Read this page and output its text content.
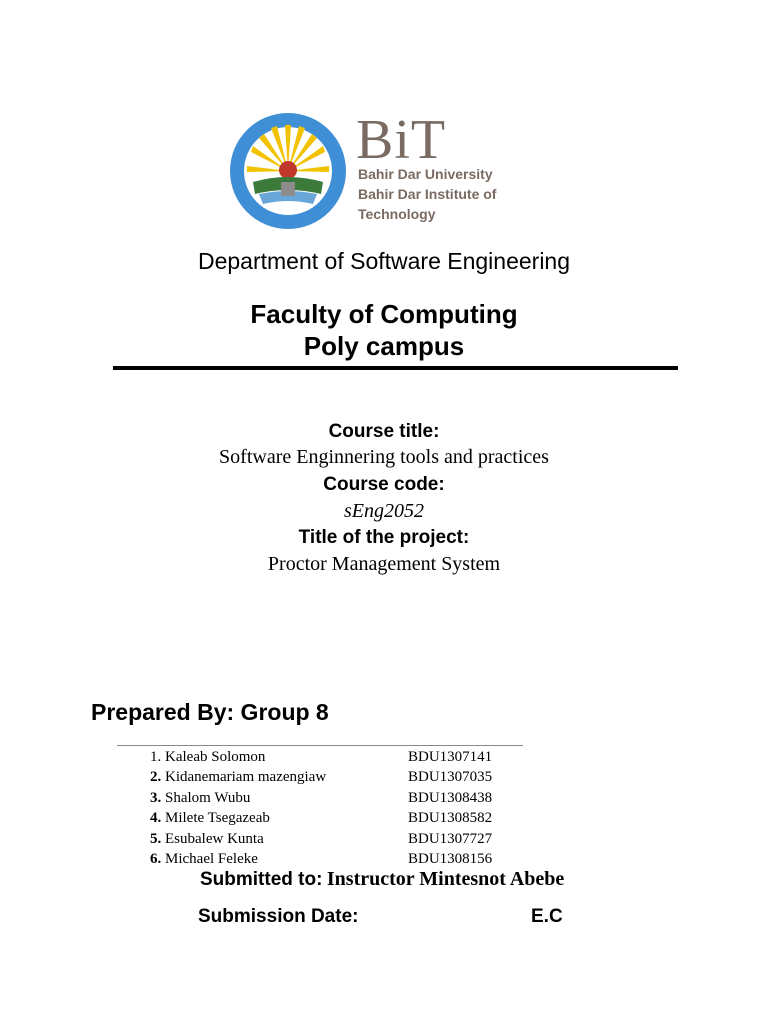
BiT
Bahir Dar University
Bahir Dar Institute of
Technology
Department of Software Engineering
Faculty of Computing
Poly campus
Course title:
Software Enginnering tools and practices
Course code:
sEng2052
Title of the project:
Proctor Management System
Prepared By: Group 8
1. Kaleab Solomon	BDU1307141
2. Kidanemariam mazengiaw	BDU1307035
3. Shalom Wubu	BDU1308438
4. Milete Tsegazeab	BDU1308582
5. Esubalew Kunta	BDU1307727
6. Michael Feleke	BDU1308156
Submitted to: Instructor Mintesnot Abebe
Submission Date:	E.C
